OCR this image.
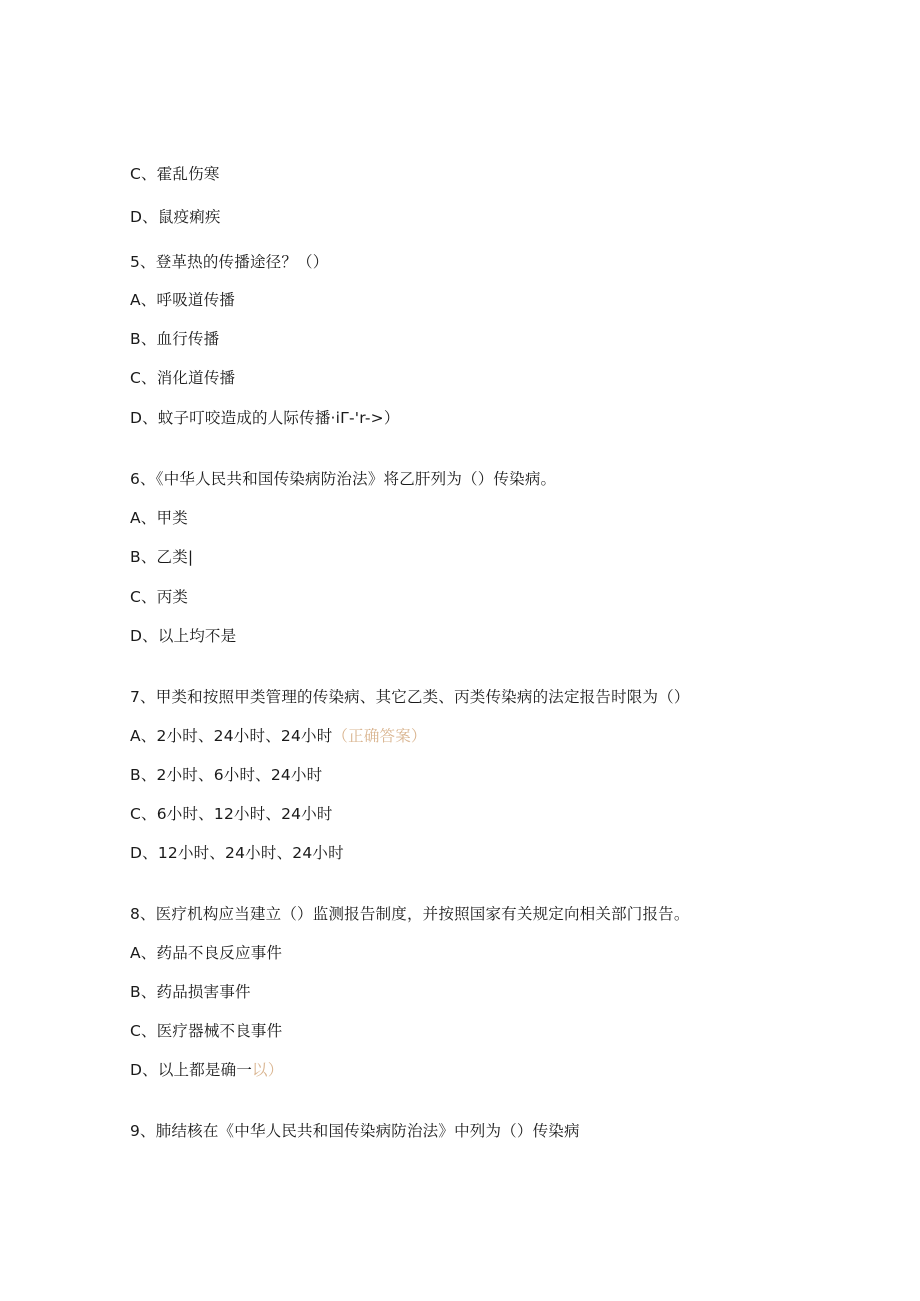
C、霍乱伤寒
D、鼠疫痢疾
5、登革热的传播途径？（）
A、呼吸道传播
B、血行传播
C、消化道传播
D、蚊子叮咬造成的人际传播·iΓ-'r->）
6、《中华人民共和国传染病防治法》将乙肝列为（）传染病。
A、甲类
B、乙类|
C、丙类
D、以上均不是
7、甲类和按照甲类管理的传染病、其它乙类、丙类传染病的法定报告时限为（）
A、2小时、24小时、24小时（正确答案）
B、2小时、6小时、24小时
C、6小时、12小时、24小时
D、12小时、24小时、24小时
8、医疗机构应当建立（）监测报告制度，并按照国家有关规定向相关部门报告。
A、药品不良反应事件
B、药品损害事件
C、医疗器械不良事件
D、以上都是确一以）
9、肺结核在《中华人民共和国传染病防治法》中列为（）传染病
